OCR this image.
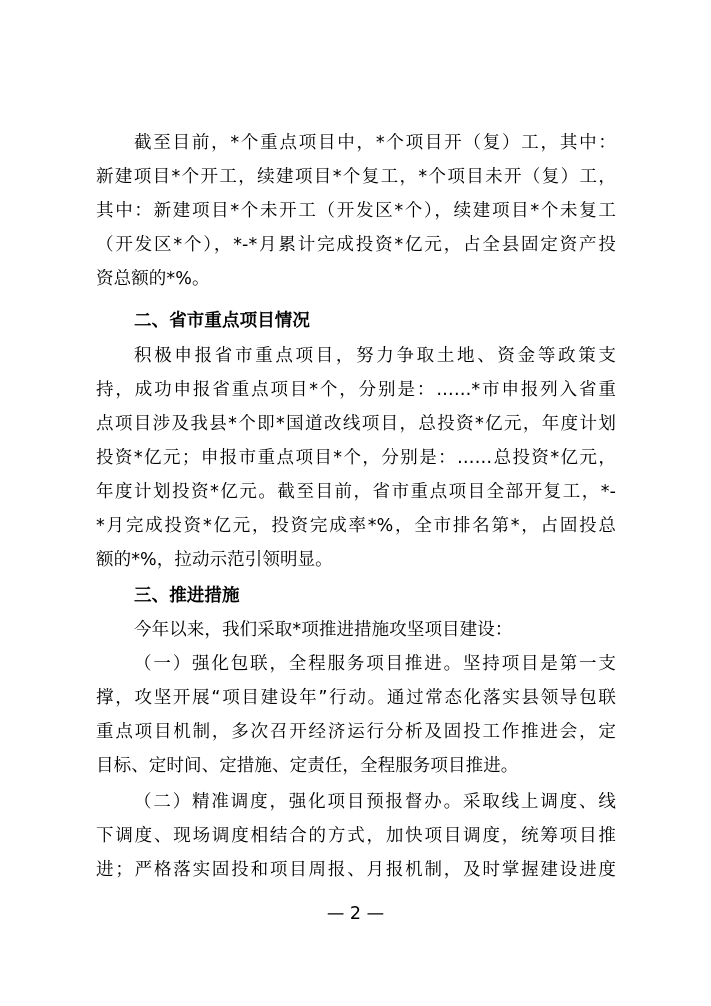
截至目前，*个重点项目中，*个项目开（复）工，其中：
新建项目*个开工，续建项目*个复工，*个项目未开（复）工，
其中：新建项目*个未开工（开发区*个），续建项目*个未复工
（开发区*个），*-*月累计完成投资*亿元，占全县固定资产投
资总额的*%。
二、省市重点项目情况
积极申报省市重点项目，努力争取土地、资金等政策支
持，成功申报省重点项目*个，分别是：……*市申报列入省重
点项目涉及我县*个即*国道改线项目，总投资*亿元，年度计划
投资*亿元；申报市重点项目*个，分别是：……总投资*亿元，
年度计划投资*亿元。截至目前，省市重点项目全部开复工，*-
*月完成投资*亿元，投资完成率*%，全市排名第*，占固投总
额的*%，拉动示范引领明显。
三、推进措施
今年以来，我们采取*项推进措施攻坚项目建设：
（一）强化包联，全程服务项目推进。坚持项目是第一支
撑，攻坚开展“项目建设年”行动。通过常态化落实县领导包联
重点项目机制，多次召开经济运行分析及固投工作推进会，定
目标、定时间、定措施、定责任，全程服务项目推进。
（二）精准调度，强化项目预报督办。采取线上调度、线
下调度、现场调度相结合的方式，加快项目调度，统筹项目推
进；严格落实固投和项目周报、月报机制，及时掌握建设进度
— 2 —
